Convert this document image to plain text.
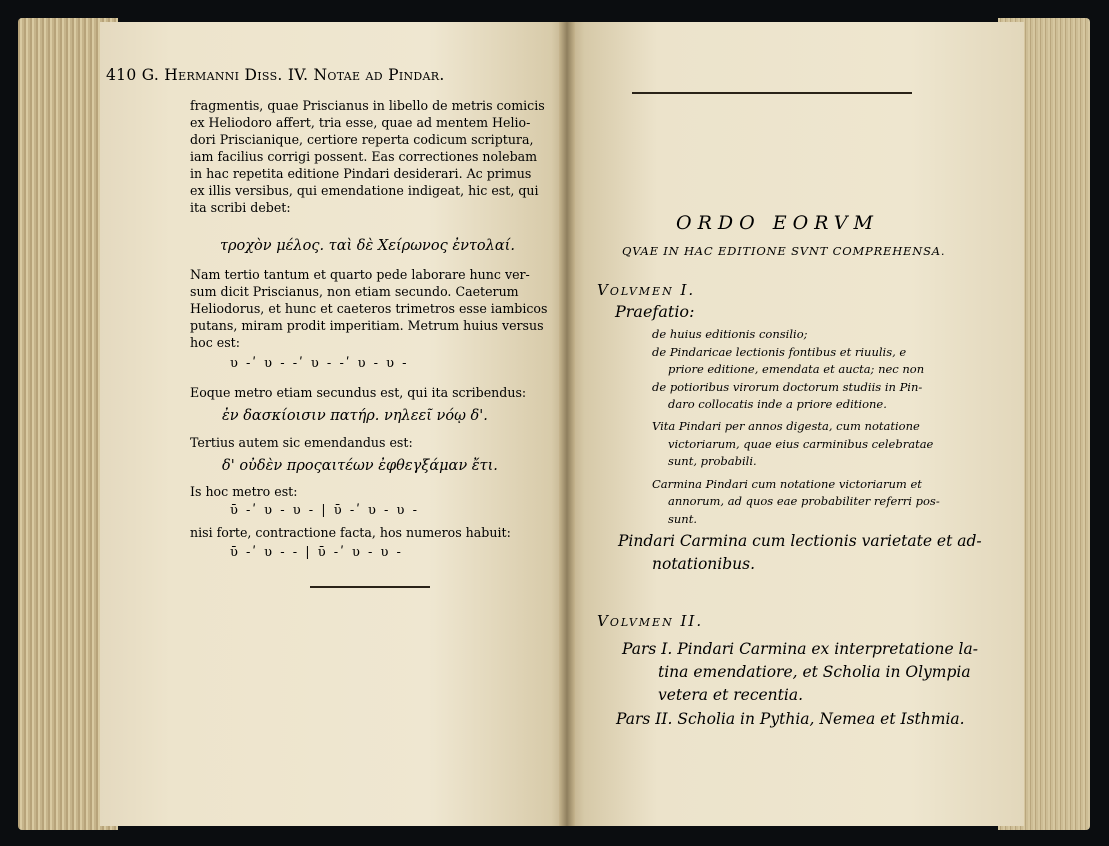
410 G. Hermanni Diss. IV. Notae ad Pindar.
fragmentis, quae Priscianus in libello de metris comicis
ex Heliodoro affert, tria esse, quae ad mentem Helio-
dori Priscianique, certiore reperta codicum scriptura,
iam facilius corrigi possent. Eas correctiones nolebam
in hac repetita editione Pindari desiderari. Ac primus
ex illis versibus, qui emendatione indigeat, hic est, qui
ita scribi debet:
τροχὸν μέλος. ταὶ δὲ Χείρωνος ἐντολαί.
Nam tertio tantum et quarto pede laborare hunc ver-
sum dicit Priscianus, non etiam secundo. Caeterum
Heliodorus, et hunc et caeteros trimetros esse iambicos
putans, miram prodit imperitiam. Metrum huius versus
hoc est:
υ -ʹ υ - -ʹ υ - -ʹ υ - υ -
Eoque metro etiam secundus est, qui ita scribendus:
ἐν δασκίοισιν πατήρ. νηλεεῖ νόῳ δ'.
Tertius autem sic emendandus est:
δ' οὐδὲν προςαιτέων ἐφθεγξάμαν ἔτι.
Is hoc metro est:
ῡ -ʹ υ - υ - | ῡ -ʹ υ - υ -
nisi forte, contractione facta, hos numeros habuit:
ῡ -ʹ υ - - | ῡ -ʹ υ - υ -
ORDO EORVM
QVAE IN HAC EDITIONE SVNT COMPREHENSA.
Volvmen I.
Praefatio:
de huius editionis consilio;
de Pindaricae lectionis fontibus et riuulis, e
priore editione, emendata et aucta; nec non
de potioribus virorum doctorum studiis in Pin-
daro collocatis inde a priore editione.
Vita Pindari per annos digesta, cum notatione
victoriarum, quae eius carminibus celebratae
sunt, probabili.
Carmina Pindari cum notatione victoriarum et
annorum, ad quos eae probabiliter referri pos-
sunt.
Pindari Carmina cum lectionis varietate et ad-
notationibus.
Volvmen II.
Pars I. Pindari Carmina ex interpretatione la-
tina emendatiore, et Scholia in Olympia
vetera et recentia.
Pars II. Scholia in Pythia, Nemea et Isthmia.
